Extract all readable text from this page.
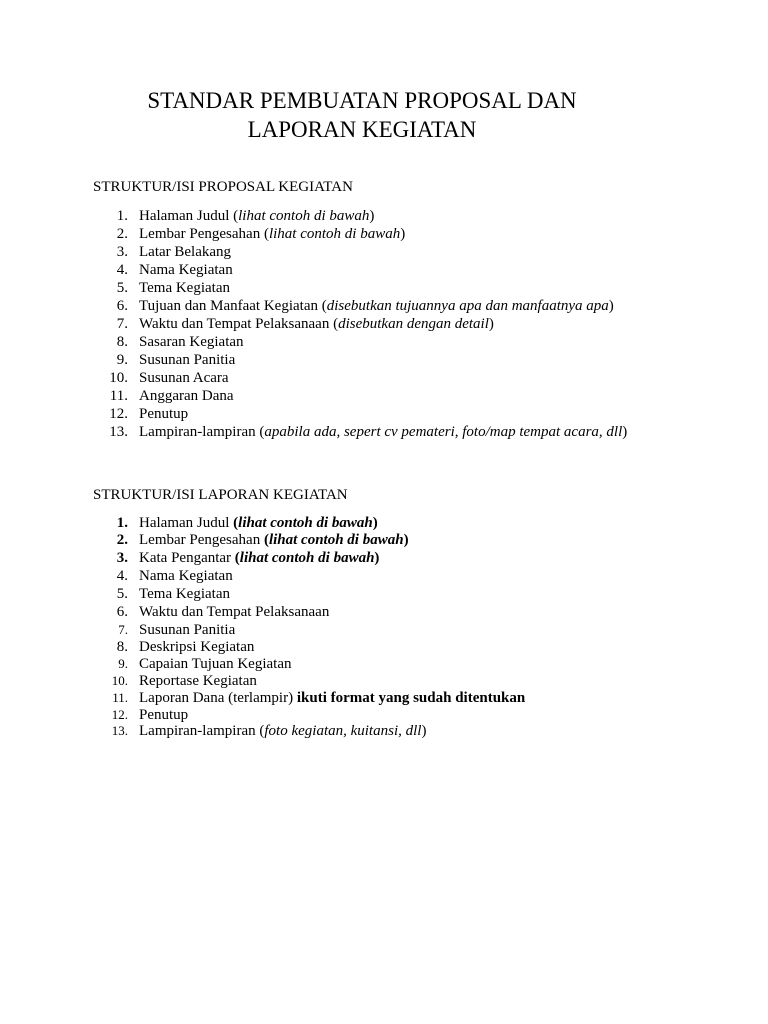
STANDAR PEMBUATAN PROPOSAL DAN
LAPORAN KEGIATAN
STRUKTUR/ISI PROPOSAL KEGIATAN
1. Halaman Judul (lihat contoh di bawah)
2. Lembar Pengesahan (lihat contoh di bawah)
3. Latar Belakang
4. Nama Kegiatan
5. Tema Kegiatan
6. Tujuan dan Manfaat Kegiatan (disebutkan tujuannya apa dan manfaatnya apa)
7. Waktu dan Tempat Pelaksanaan (disebutkan dengan detail)
8. Sasaran Kegiatan
9. Susunan Panitia
10. Susunan Acara
11. Anggaran Dana
12. Penutup
13. Lampiran-lampiran (apabila ada, sepert cv pemateri, foto/map tempat acara, dll)
STRUKTUR/ISI LAPORAN KEGIATAN
1. Halaman Judul (lihat contoh di bawah)
2. Lembar Pengesahan (lihat contoh di bawah)
3. Kata Pengantar (lihat contoh di bawah)
4. Nama Kegiatan
5. Tema Kegiatan
6. Waktu dan Tempat Pelaksanaan
7. Susunan Panitia
8. Deskripsi Kegiatan
9. Capaian Tujuan Kegiatan
10. Reportase Kegiatan
11. Laporan Dana (terlampir) ikuti format yang sudah ditentukan
12. Penutup
13. Lampiran-lampiran (foto kegiatan, kuitansi, dll)
